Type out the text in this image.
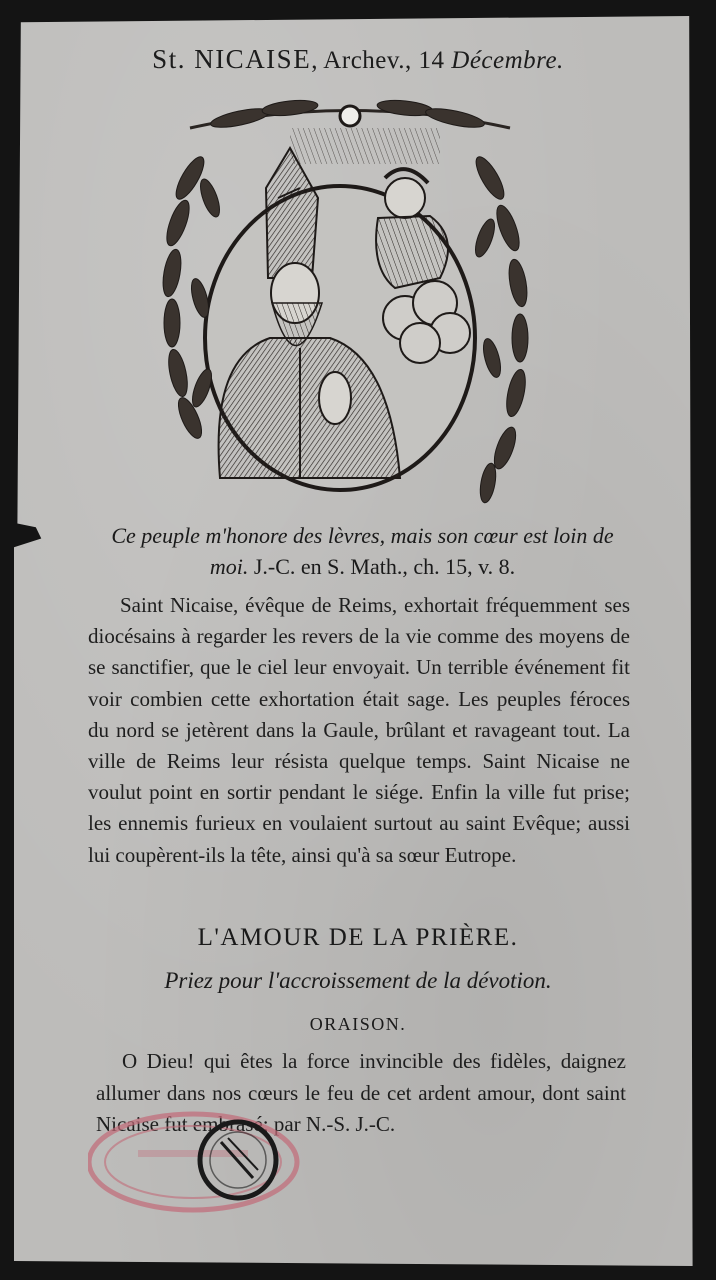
St. NICAISE, Archev., 14 Décembre.
Ce peuple m'honore des lèvres, mais son cœur est loin de moi. J.-C. en S. Math., ch. 15, v. 8.

Saint Nicaise, évêque de Reims, exhortait fréquemment ses diocésains à regarder les revers de la vie comme des moyens de se sanctifier, que le ciel leur envoyait. Un terrible événement fit voir combien cette exhortation était sage. Les peuples féroces du nord se jetèrent dans la Gaule, brûlant et ravageant tout. La ville de Reims leur résista quelque temps. Saint Nicaise ne voulut point en sortir pendant le siége. Enfin la ville fut prise; les ennemis furieux en voulaient surtout au saint Evêque; aussi lui coupèrent-ils la tête, ainsi qu'à sa sœur Eutrope.

L'AMOUR DE LA PRIÈRE.
Priez pour l'accroissement de la dévotion.
ORAISON.

O Dieu! qui êtes la force invincible des fidèles, daignez allumer dans nos cœurs le feu de cet ardent amour, dont saint Nicaise fut embrasé; par N.-S. J.-C.
